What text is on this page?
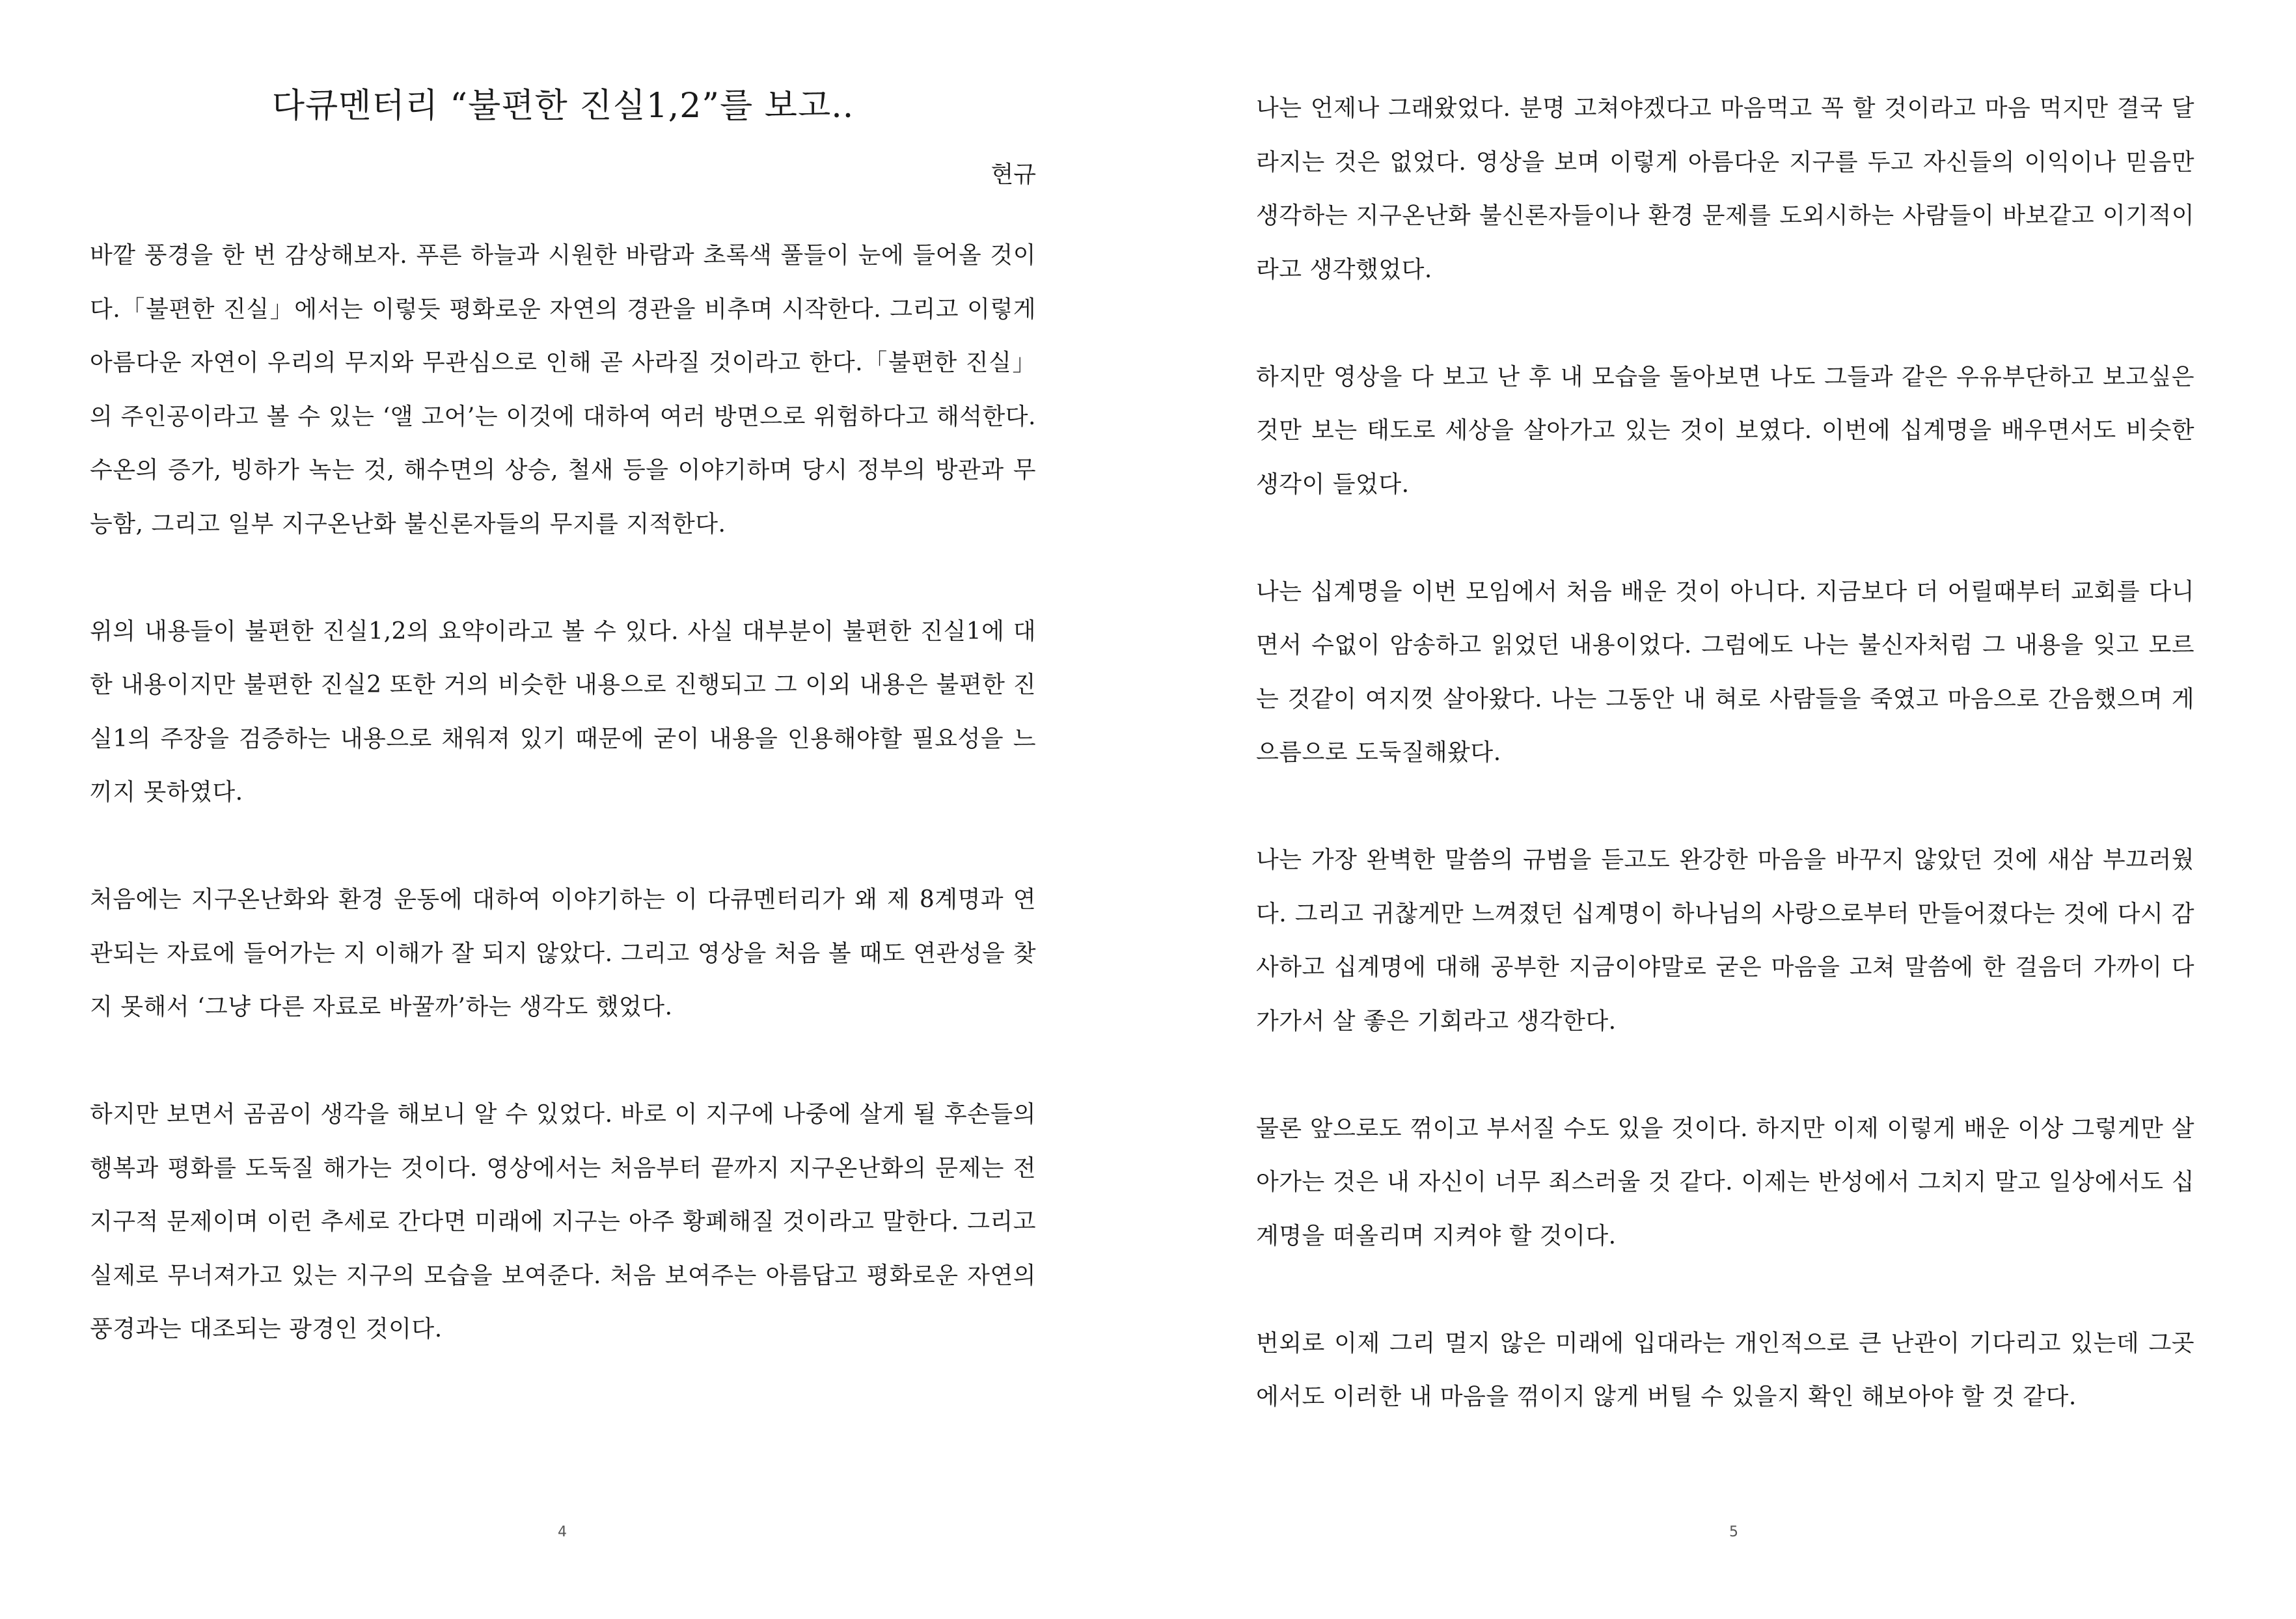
다큐멘터리 “불편한 진실1,2”를 보고..
현규

바깥 풍경을 한 번 감상해보자. 푸른 하늘과 시원한 바람과 초록색 풀들이 눈에 들어올 것이다.「불편한 진실」에서는 이렇듯 평화로운 자연의 경관을 비추며 시작한다. 그리고 이렇게 아름다운 자연이 우리의 무지와 무관심으로 인해 곧 사라질 것이라고 한다.「불편한 진실」의 주인공이라고 볼 수 있는 ‘앨 고어’는 이것에 대하여 여러 방면으로 위험하다고 해석한다. 수온의 증가, 빙하가 녹는 것, 해수면의 상승, 철새 등을 이야기하며 당시 정부의 방관과 무능함, 그리고 일부 지구온난화 불신론자들의 무지를 지적한다.

위의 내용들이 불편한 진실1,2의 요약이라고 볼 수 있다. 사실 대부분이 불편한 진실1에 대한 내용이지만 불편한 진실2 또한 거의 비슷한 내용으로 진행되고 그 이외 내용은 불편한 진실1의 주장을 검증하는 내용으로 채워져 있기 때문에 굳이 내용을 인용해야할 필요성을 느끼지 못하였다.

처음에는 지구온난화와 환경 운동에 대하여 이야기하는 이 다큐멘터리가 왜 제 8계명과 연관되는 자료에 들어가는 지 이해가 잘 되지 않았다. 그리고 영상을 처음 볼 때도 연관성을 찾지 못해서 ‘그냥 다른 자료로 바꿀까’하는 생각도 했었다.

하지만 보면서 곰곰이 생각을 해보니 알 수 있었다. 바로 이 지구에 나중에 살게 될 후손들의 행복과 평화를 도둑질 해가는 것이다. 영상에서는 처음부터 끝까지 지구온난화의 문제는 전 지구적 문제이며 이런 추세로 간다면 미래에 지구는 아주 황폐해질 것이라고 말한다. 그리고 실제로 무너져가고 있는 지구의 모습을 보여준다. 처음 보여주는 아름답고 평화로운 자연의 풍경과는 대조되는 광경인 것이다.

4

나는 언제나 그래왔었다. 분명 고쳐야겠다고 마음먹고 꼭 할 것이라고 마음 먹지만 결국 달라지는 것은 없었다. 영상을 보며 이렇게 아름다운 지구를 두고 자신들의 이익이나 믿음만 생각하는 지구온난화 불신론자들이나 환경 문제를 도외시하는 사람들이 바보같고 이기적이라고 생각했었다.

하지만 영상을 다 보고 난 후 내 모습을 돌아보면 나도 그들과 같은 우유부단하고 보고싶은 것만 보는 태도로 세상을 살아가고 있는 것이 보였다. 이번에 십계명을 배우면서도 비슷한 생각이 들었다.

나는 십계명을 이번 모임에서 처음 배운 것이 아니다. 지금보다 더 어릴때부터 교회를 다니면서 수없이 암송하고 읽었던 내용이었다. 그럼에도 나는 불신자처럼 그 내용을 잊고 모르는 것같이 여지껏 살아왔다. 나는 그동안 내 혀로 사람들을 죽였고 마음으로 간음했으며 게으름으로 도둑질해왔다.

나는 가장 완벽한 말씀의 규범을 듣고도 완강한 마음을 바꾸지 않았던 것에 새삼 부끄러웠다. 그리고 귀찮게만 느껴졌던 십계명이 하나님의 사랑으로부터 만들어졌다는 것에 다시 감사하고 십계명에 대해 공부한 지금이야말로 굳은 마음을 고쳐 말씀에 한 걸음더 가까이 다가가서 살 좋은 기회라고 생각한다.

물론 앞으로도 꺾이고 부서질 수도 있을 것이다. 하지만 이제 이렇게 배운 이상 그렇게만 살아가는 것은 내 자신이 너무 죄스러울 것 같다. 이제는 반성에서 그치지 말고 일상에서도 십계명을 떠올리며 지켜야 할 것이다.

번외로 이제 그리 멀지 않은 미래에 입대라는 개인적으로 큰 난관이 기다리고 있는데 그곳에서도 이러한 내 마음을 꺾이지 않게 버틸 수 있을지 확인 해보아야 할 것 같다.

5
